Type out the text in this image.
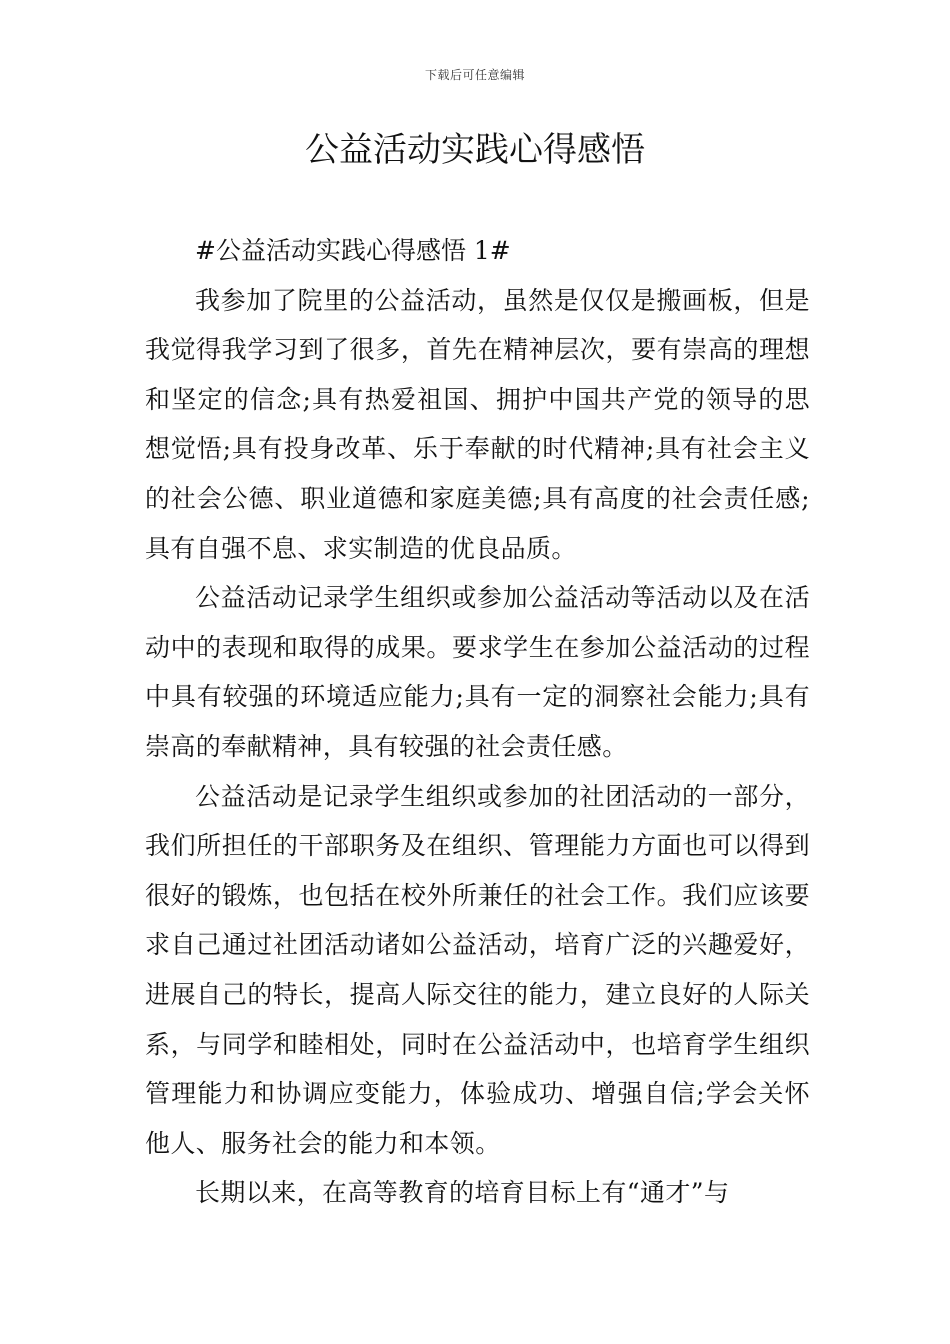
下载后可任意编辑
公益活动实践心得感悟
#公益活动实践心得感悟 1#

我参加了院里的公益活动，虽然是仅仅是搬画板，但是我觉得我学习到了很多，首先在精神层次，要有崇高的理想和坚定的信念;具有热爱祖国、拥护中国共产党的领导的思想觉悟;具有投身改革、乐于奉献的时代精神;具有社会主义的社会公德、职业道德和家庭美德;具有高度的社会责任感;具有自强不息、求实制造的优良品质。

公益活动记录学生组织或参加公益活动等活动以及在活动中的表现和取得的成果。要求学生在参加公益活动的过程中具有较强的环境适应能力;具有一定的洞察社会能力;具有崇高的奉献精神，具有较强的社会责任感。

公益活动是记录学生组织或参加的社团活动的一部分，我们所担任的干部职务及在组织、管理能力方面也可以得到很好的锻炼，也包括在校外所兼任的社会工作。我们应该要求自己通过社团活动诸如公益活动，培育广泛的兴趣爱好，进展自己的特长，提高人际交往的能力，建立良好的人际关系，与同学和睦相处，同时在公益活动中，也培育学生组织管理能力和协调应变能力，体验成功、增强自信;学会关怀他人、服务社会的能力和本领。

长期以来，在高等教育的培育目标上有“通才”与
